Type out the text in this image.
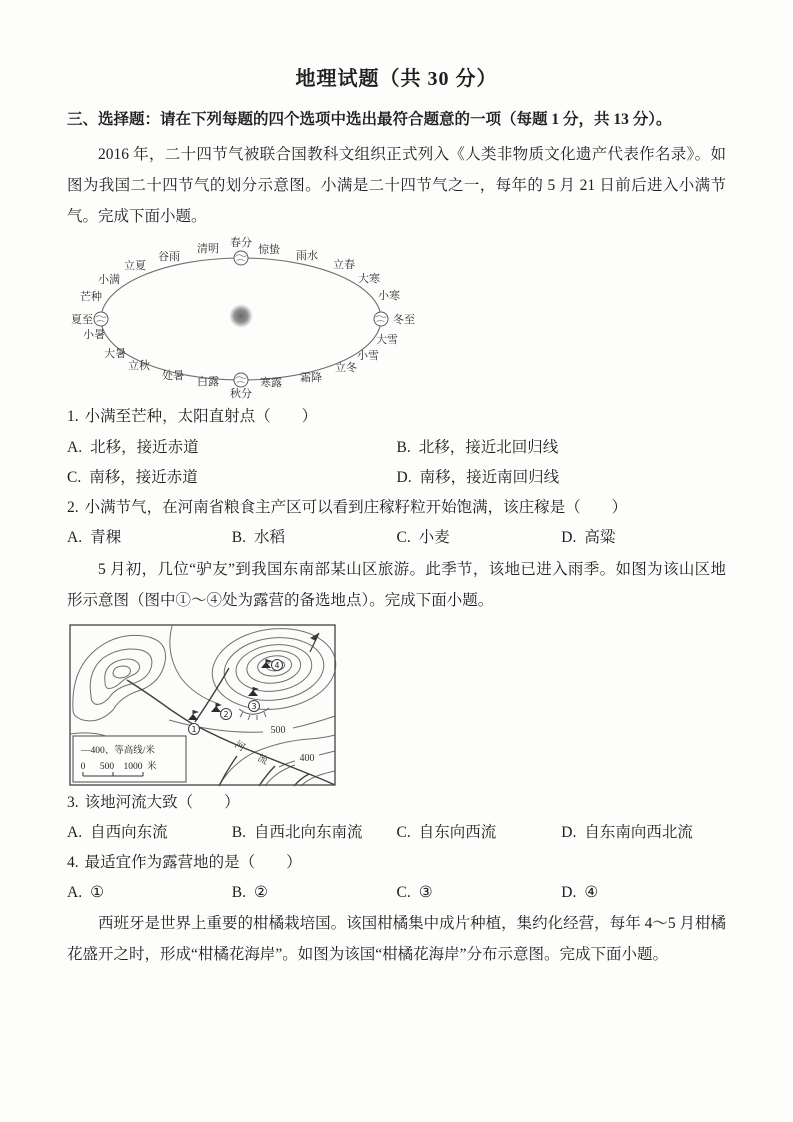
地理试题（共 30 分）
三、选择题：请在下列每题的四个选项中选出最符合题意的一项（每题 1 分，共 13 分）。

2016 年，二十四节气被联合国教科文组织正式列入《人类非物质文化遗产代表作名录》。如图为我国二十四节气的划分示意图。小满是二十四节气之一，每年的 5 月 21 日前后进入小满节气。完成下面小题。

春分
惊蛰 雨水
立春
大寒
小寒
冬至
大雪
小雪
立冬
霜降
寒露
秋分
白露
处暑
立秋
大暑
小暑
夏至
芒种
小满
立夏
谷雨
清明
1. 小满至芒种，太阳直射点（　　）
A. 北移，接近赤道	B. 北移，接近北回归线
C. 南移，接近赤道	D. 南移，接近南回归线
2. 小满节气，在河南省粮食主产区可以看到庄稼籽粒开始饱满，该庄稼是（　　）
A. 青稞	B. 水稻	C. 小麦	D. 高粱

5 月初，几位“驴友”到我国东南部某山区旅游。此季节，该地已进入雨季。如图为该山区地形示意图（图中①～④处为露营的备选地点）。完成下面小题。

500
400
河
流
1
2
3
4
—400、等高线/米
0 500 1000 米
3. 该地河流大致（　　）
A. 自西向东流	B. 自西北向东南流	C. 自东向西流	D. 自东南向西北流
4. 最适宜作为露营地的是（　　）
A. ①	B. ②	C. ③	D. ④

西班牙是世界上重要的柑橘栽培国。该国柑橘集中成片种植，集约化经营，每年 4～5 月柑橘花盛开之时，形成“柑橘花海岸”。如图为该国“柑橘花海岸”分布示意图。完成下面小题。
